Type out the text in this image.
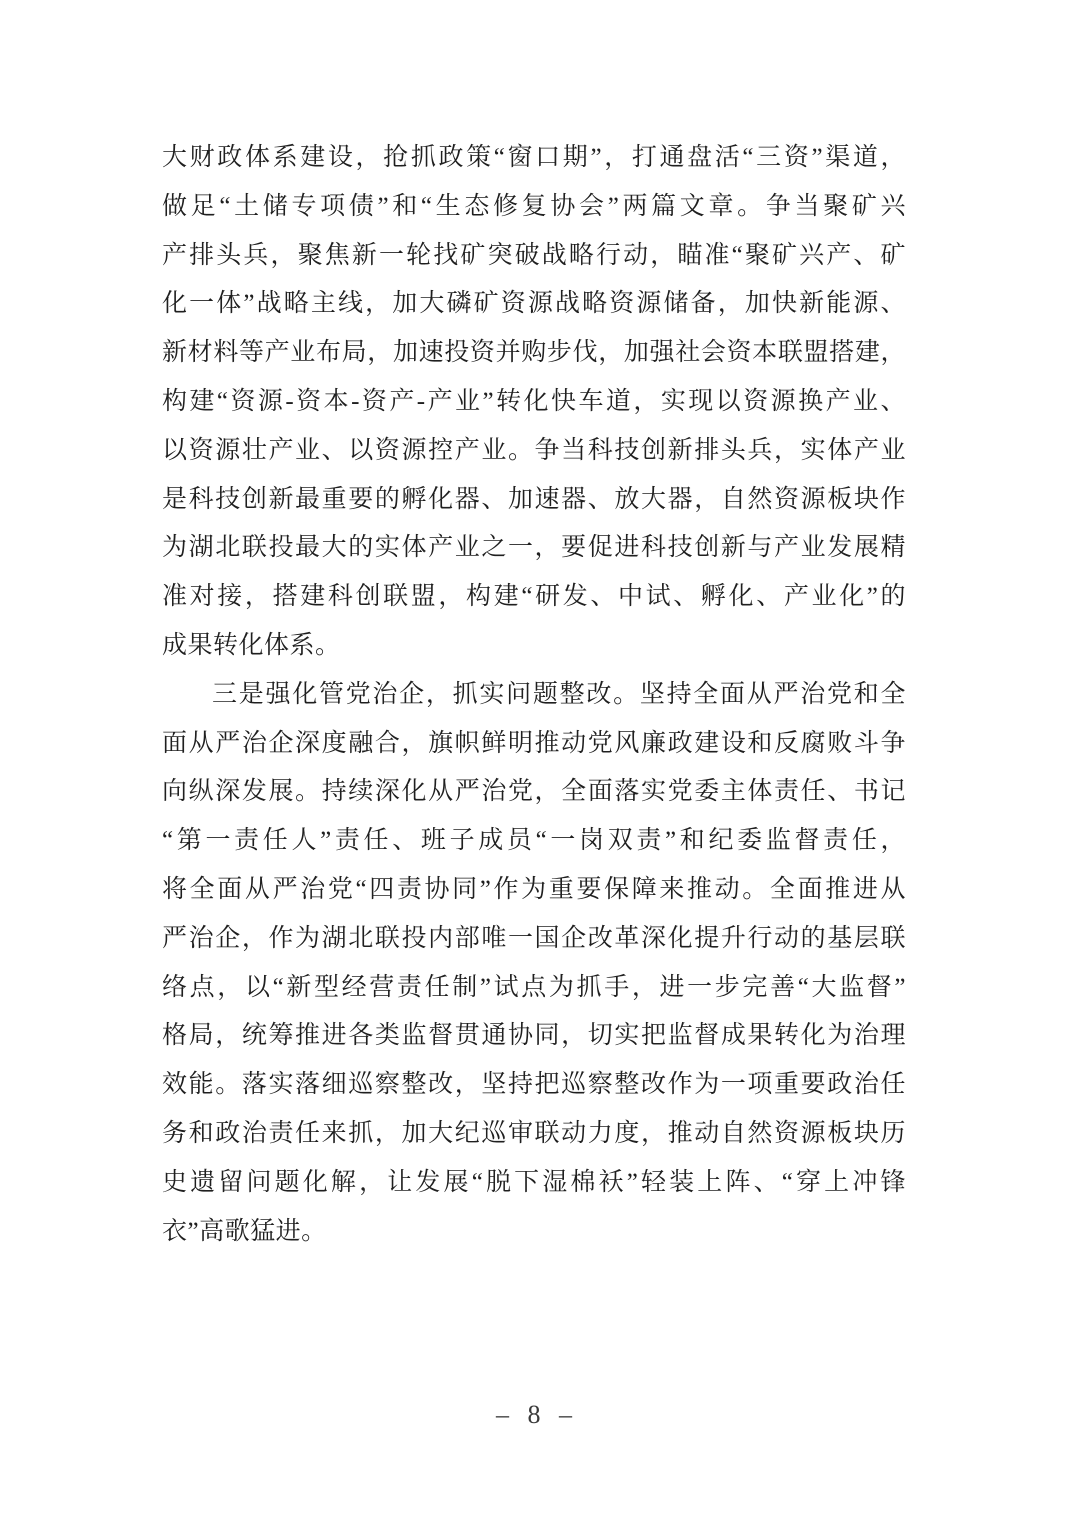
大财政体系建设，抢抓政策“窗口期”，打通盘活“三资”渠道，
做足“土储专项债”和“生态修复协会”两篇文章。争当聚矿兴
产排头兵，聚焦新一轮找矿突破战略行动，瞄准“聚矿兴产、矿
化一体”战略主线，加大磷矿资源战略资源储备，加快新能源、
新材料等产业布局，加速投资并购步伐，加强社会资本联盟搭建，
构建“资源-资本-资产-产业”转化快车道，实现以资源换产业、
以资源壮产业、以资源控产业。争当科技创新排头兵，实体产业
是科技创新最重要的孵化器、加速器、放大器，自然资源板块作
为湖北联投最大的实体产业之一，要促进科技创新与产业发展精
准对接，搭建科创联盟，构建“研发、中试、孵化、产业化”的
成果转化体系。
三是强化管党治企，抓实问题整改。坚持全面从严治党和全
面从严治企深度融合，旗帜鲜明推动党风廉政建设和反腐败斗争
向纵深发展。持续深化从严治党，全面落实党委主体责任、书记
“第一责任人”责任、班子成员“一岗双责”和纪委监督责任，
将全面从严治党“四责协同”作为重要保障来推动。全面推进从
严治企，作为湖北联投内部唯一国企改革深化提升行动的基层联
络点，以“新型经营责任制”试点为抓手，进一步完善“大监督”
格局，统筹推进各类监督贯通协同，切实把监督成果转化为治理
效能。落实落细巡察整改，坚持把巡察整改作为一项重要政治任
务和政治责任来抓，加大纪巡审联动力度，推动自然资源板块历
史遗留问题化解，让发展“脱下湿棉袄”轻装上阵、“穿上冲锋
衣”高歌猛进。
– 8 –
